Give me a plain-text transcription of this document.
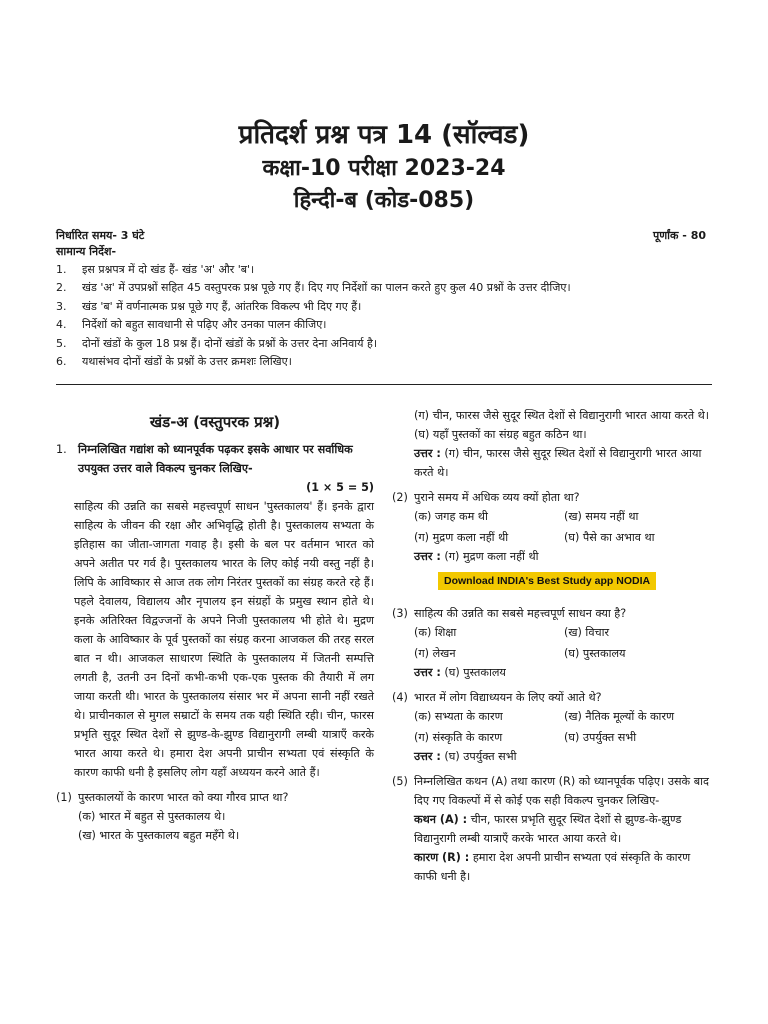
प्रतिदर्श प्रश्न पत्र 14 (सॉल्वड)
कक्षा-10 परीक्षा 2023-24
हिन्दी-ब (कोड-085)
निर्धारित समय- 3 घंटे	पूर्णांक - 80
सामान्य निर्देश-
1.	इस प्रश्नपत्र में दो खंड हैं- खंड 'अ' और 'ब'।
2.	खंड 'अ' में उपप्रश्नों सहित 45 वस्तुपरक प्रश्न पूछे गए हैं। दिए गए निर्देशों का पालन करते हुए कुल 40 प्रश्नों के उत्तर दीजिए।
3.	खंड 'ब' में वर्णनात्मक प्रश्न पूछे गए हैं, आंतरिक विकल्प भी दिए गए हैं।
4.	निर्देशों को बहुत सावधानी से पढ़िए और उनका पालन कीजिए।
5.	दोनों खंडों के कुल 18 प्रश्न हैं। दोनों खंडों के प्रश्नों के उत्तर देना अनिवार्य है।
6.	यथासंभव दोनों खंडों के प्रश्नों के उत्तर क्रमशः लिखिए।
खंड-अ (वस्तुपरक प्रश्न)
1.	निम्नलिखित गद्यांश को ध्यानपूर्वक पढ़कर इसके आधार पर सर्वाधिक उपयुक्त उत्तर वाले विकल्प चुनकर लिखिए-
(1 × 5 = 5)
साहित्य की उन्नति का सबसे महत्त्वपूर्ण साधन 'पुस्तकालय' हैं। इनके द्वारा साहित्य के जीवन की रक्षा और अभिवृद्धि होती है। पुस्तकालय सभ्यता के इतिहास का जीता-जागता गवाह है। इसी के बल पर वर्तमान भारत को अपने अतीत पर गर्व है। पुस्तकालय भारत के लिए कोई नयी वस्तु नहीं है। लिपि के आविष्कार से आज तक लोग निरंतर पुस्तकों का संग्रह करते रहे हैं। पहले देवालय, विद्यालय और नृपालय इन संग्रहों के प्रमुख स्थान होते थे। इनके अतिरिक्त विद्वज्जनों के अपने निजी पुस्तकालय भी होते थे। मुद्रण कला के आविष्कार के पूर्व पुस्तकों का संग्रह करना आजकल की तरह सरल बात न थी। आजकल साधारण स्थिति के पुस्तकालय में जितनी सम्पत्ति लगती है, उतनी उन दिनों कभी-कभी एक-एक पुस्तक की तैयारी में लग जाया करती थी। भारत के पुस्तकालय संसार भर में अपना सानी नहीं रखते थे। प्राचीनकाल से मुगल सम्राटों के समय तक यही स्थिति रही। चीन, फारस प्रभृति सुदूर स्थित देशों से झुण्ड-के-झुण्ड विद्यानुरागी लम्बी यात्राएँ करके भारत आया करते थे। हमारा देश अपनी प्राचीन सभ्यता एवं संस्कृति के कारण काफी धनी है इसलिए लोग यहाँ अध्ययन करने आते हैं।
(1) पुस्तकालयों के कारण भारत को क्या गौरव प्राप्त था?
(क) भारत में बहुत से पुस्तकालय थे।
(ख) भारत के पुस्तकालय बहुत महँगे थे।
(ग) चीन, फारस जैसे सुदूर स्थित देशों से विद्यानुरागी भारत आया करते थे।
(घ) यहाँ पुस्तकों का संग्रह बहुत कठिन था।
उत्तर : (ग) चीन, फारस जैसे सुदूर स्थित देशों से विद्यानुरागी भारत आया करते थे।
(2) पुराने समय में अधिक व्यय क्यों होता था?
(क) जगह कम थी	(ख) समय नहीं था
(ग) मुद्रण कला नहीं थी	(घ) पैसे का अभाव था
उत्तर : (ग) मुद्रण कला नहीं थी
Download INDIA's Best Study app NODIA
(3) साहित्य की उन्नति का सबसे महत्त्वपूर्ण साधन क्या है?
(क) शिक्षा	(ख) विचार
(ग) लेखन	(घ) पुस्तकालय
उत्तर : (घ) पुस्तकालय
(4) भारत में लोग विद्याध्ययन के लिए क्यों आते थे?
(क) सभ्यता के कारण	(ख) नैतिक मूल्यों के कारण
(ग) संस्कृति के कारण	(घ) उपर्युक्त सभी
उत्तर : (घ) उपर्युक्त सभी
(5) निम्नलिखित कथन (A) तथा कारण (R) को ध्यानपूर्वक पढ़िए। उसके बाद दिए गए विकल्पों में से कोई एक सही विकल्प चुनकर लिखिए-
कथन (A) : चीन, फारस प्रभृति सुदूर स्थित देशों से झुण्ड-के-झुण्ड विद्यानुरागी लम्बी यात्राएँ करके भारत आया करते थे।
कारण (R) : हमारा देश अपनी प्राचीन सभ्यता एवं संस्कृति के कारण काफी धनी है।
